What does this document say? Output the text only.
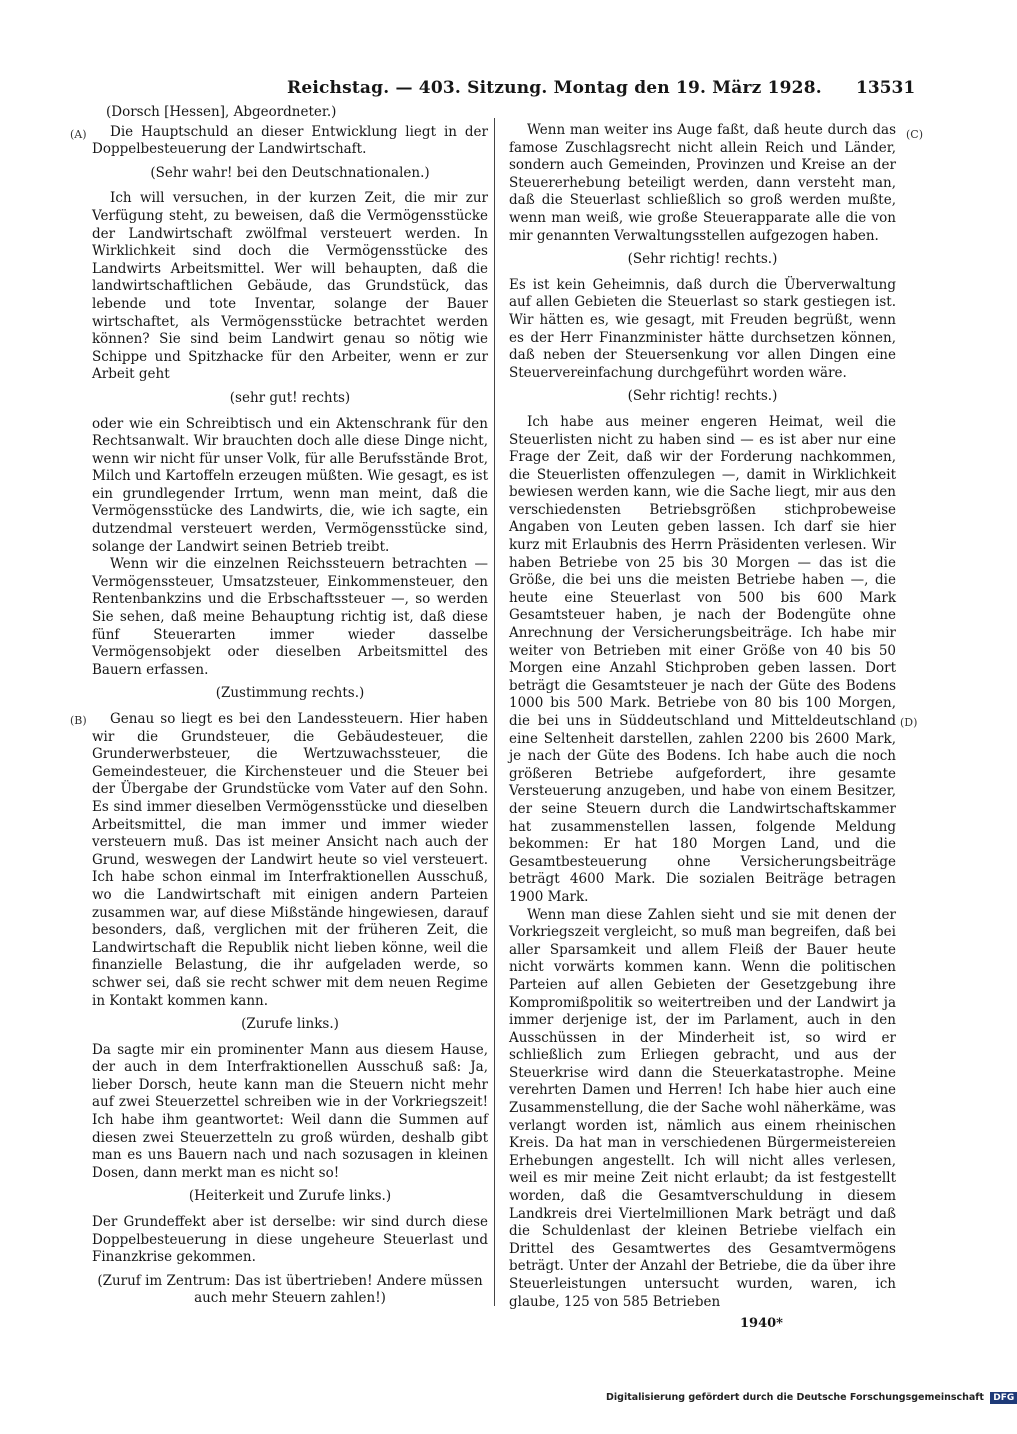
Reichstag. — 403. Sitzung. Montag den 19. März 1928. 13531
(A)
(B)
(C)
(D)

(Dorsch [Hessen], Abgeordneter.)

Die Hauptschuld an dieser Entwicklung liegt in der Doppelbesteuerung der Landwirtschaft.

(Sehr wahr! bei den Deutschnationalen.)

Ich will versuchen, in der kurzen Zeit, die mir zur Verfügung steht, zu beweisen, daß die Vermögensstücke der Landwirtschaft zwölfmal versteuert werden. In Wirklichkeit sind doch die Vermögensstücke des Landwirts Arbeitsmittel. Wer will behaupten, daß die landwirtschaftlichen Gebäude, das Grundstück, das lebende und tote Inventar, solange der Bauer wirtschaftet, als Vermögensstücke betrachtet werden können? Sie sind beim Landwirt genau so nötig wie Schippe und Spitzhacke für den Arbeiter, wenn er zur Arbeit geht

(sehr gut! rechts)

oder wie ein Schreibtisch und ein Aktenschrank für den Rechtsanwalt. Wir brauchten doch alle diese Dinge nicht, wenn wir nicht für unser Volk, für alle Berufsstände Brot, Milch und Kartoffeln erzeugen müßten. Wie gesagt, es ist ein grundlegender Irrtum, wenn man meint, daß die Vermögensstücke des Landwirts, die, wie ich sagte, ein dutzendmal versteuert werden, Vermögensstücke sind, solange der Landwirt seinen Betrieb treibt.

Wenn wir die einzelnen Reichssteuern betrachten — Vermögenssteuer, Umsatzsteuer, Einkommensteuer, den Rentenbankzins und die Erbschaftssteuer —, so werden Sie sehen, daß meine Behauptung richtig ist, daß diese fünf Steuerarten immer wieder dasselbe Vermögensobjekt oder dieselben Arbeitsmittel des Bauern erfassen.

(Zustimmung rechts.)

Genau so liegt es bei den Landessteuern. Hier haben wir die Grundsteuer, die Gebäudesteuer, die Grunderwerbsteuer, die Wertzuwachssteuer, die Gemeindesteuer, die Kirchensteuer und die Steuer bei der Übergabe der Grundstücke vom Vater auf den Sohn. Es sind immer dieselben Vermögensstücke und dieselben Arbeitsmittel, die man immer und immer wieder versteuern muß. Das ist meiner Ansicht nach auch der Grund, weswegen der Landwirt heute so viel versteuert. Ich habe schon einmal im Interfraktionellen Ausschuß, wo die Landwirtschaft mit einigen andern Parteien zusammen war, auf diese Mißstände hingewiesen, darauf besonders, daß, verglichen mit der früheren Zeit, die Landwirtschaft die Republik nicht lieben könne, weil die finanzielle Belastung, die ihr aufgeladen werde, so schwer sei, daß sie recht schwer mit dem neuen Regime in Kontakt kommen kann.

(Zurufe links.)

Da sagte mir ein prominenter Mann aus diesem Hause, der auch in dem Interfraktionellen Ausschuß saß: Ja, lieber Dorsch, heute kann man die Steuern nicht mehr auf zwei Steuerzettel schreiben wie in der Vorkriegszeit! Ich habe ihm geantwortet: Weil dann die Summen auf diesen zwei Steuerzetteln zu groß würden, deshalb gibt man es uns Bauern nach und nach sozusagen in kleinen Dosen, dann merkt man es nicht so!

(Heiterkeit und Zurufe links.)

Der Grundeffekt aber ist derselbe: wir sind durch diese Doppelbesteuerung in diese ungeheure Steuerlast und Finanzkrise gekommen.

(Zuruf im Zentrum: Das ist übertrieben! Andere müssen auch mehr Steuern zahlen!)

Wenn man weiter ins Auge faßt, daß heute durch das famose Zuschlagsrecht nicht allein Reich und Länder, sondern auch Gemeinden, Provinzen und Kreise an der Steuererhebung beteiligt werden, dann versteht man, daß die Steuerlast schließlich so groß werden mußte, wenn man weiß, wie große Steuerapparate alle die von mir genannten Verwaltungsstellen aufgezogen haben.

(Sehr richtig! rechts.)

Es ist kein Geheimnis, daß durch die Überverwaltung auf allen Gebieten die Steuerlast so stark gestiegen ist. Wir hätten es, wie gesagt, mit Freuden begrüßt, wenn es der Herr Finanzminister hätte durchsetzen können, daß neben der Steuersenkung vor allen Dingen eine Steuervereinfachung durchgeführt worden wäre.

(Sehr richtig! rechts.)

Ich habe aus meiner engeren Heimat, weil die Steuerlisten nicht zu haben sind — es ist aber nur eine Frage der Zeit, daß wir der Forderung nachkommen, die Steuerlisten offenzulegen —, damit in Wirklichkeit bewiesen werden kann, wie die Sache liegt, mir aus den verschiedensten Betriebsgrößen stichprobeweise Angaben von Leuten geben lassen. Ich darf sie hier kurz mit Erlaubnis des Herrn Präsidenten verlesen. Wir haben Betriebe von 25 bis 30 Morgen — das ist die Größe, die bei uns die meisten Betriebe haben —, die heute eine Steuerlast von 500 bis 600 Mark Gesamtsteuer haben, je nach der Bodengüte ohne Anrechnung der Versicherungsbeiträge. Ich habe mir weiter von Betrieben mit einer Größe von 40 bis 50 Morgen eine Anzahl Stichproben geben lassen. Dort beträgt die Gesamtsteuer je nach der Güte des Bodens 1000 bis 500 Mark. Betriebe von 80 bis 100 Morgen, die bei uns in Süddeutschland und Mitteldeutschland eine Seltenheit darstellen, zahlen 2200 bis 2600 Mark, je nach der Güte des Bodens. Ich habe auch die noch größeren Betriebe aufgefordert, ihre gesamte Versteuerung anzugeben, und habe von einem Besitzer, der seine Steuern durch die Landwirtschaftskammer hat zusammenstellen lassen, folgende Meldung bekommen: Er hat 180 Morgen Land, und die Gesamtbesteuerung ohne Versicherungsbeiträge beträgt 4600 Mark. Die sozialen Beiträge betragen 1900 Mark.

Wenn man diese Zahlen sieht und sie mit denen der Vorkriegszeit vergleicht, so muß man begreifen, daß bei aller Sparsamkeit und allem Fleiß der Bauer heute nicht vorwärts kommen kann. Wenn die politischen Parteien auf allen Gebieten der Gesetzgebung ihre Kompromißpolitik so weitertreiben und der Landwirt ja immer derjenige ist, der im Parlament, auch in den Ausschüssen in der Minderheit ist, so wird er schließlich zum Erliegen gebracht, und aus der Steuerkrise wird dann die Steuerkatastrophe. Meine verehrten Damen und Herren! Ich habe hier auch eine Zusammenstellung, die der Sache wohl näherkäme, was verlangt worden ist, nämlich aus einem rheinischen Kreis. Da hat man in verschiedenen Bürgermeistereien Erhebungen angestellt. Ich will nicht alles verlesen, weil es mir meine Zeit nicht erlaubt; da ist festgestellt worden, daß die Gesamtverschuldung in diesem Landkreis drei Viertelmillionen Mark beträgt und daß die Schuldenlast der kleinen Betriebe vielfach ein Drittel des Gesamtwertes des Gesamtvermögens beträgt. Unter der Anzahl der Betriebe, die da über ihre Steuerleistungen untersucht wurden, waren, ich glaube, 125 von 585 Betrieben

1940*
Digitalisierung gefördert durch die Deutsche Forschungsgemeinschaft DFG
